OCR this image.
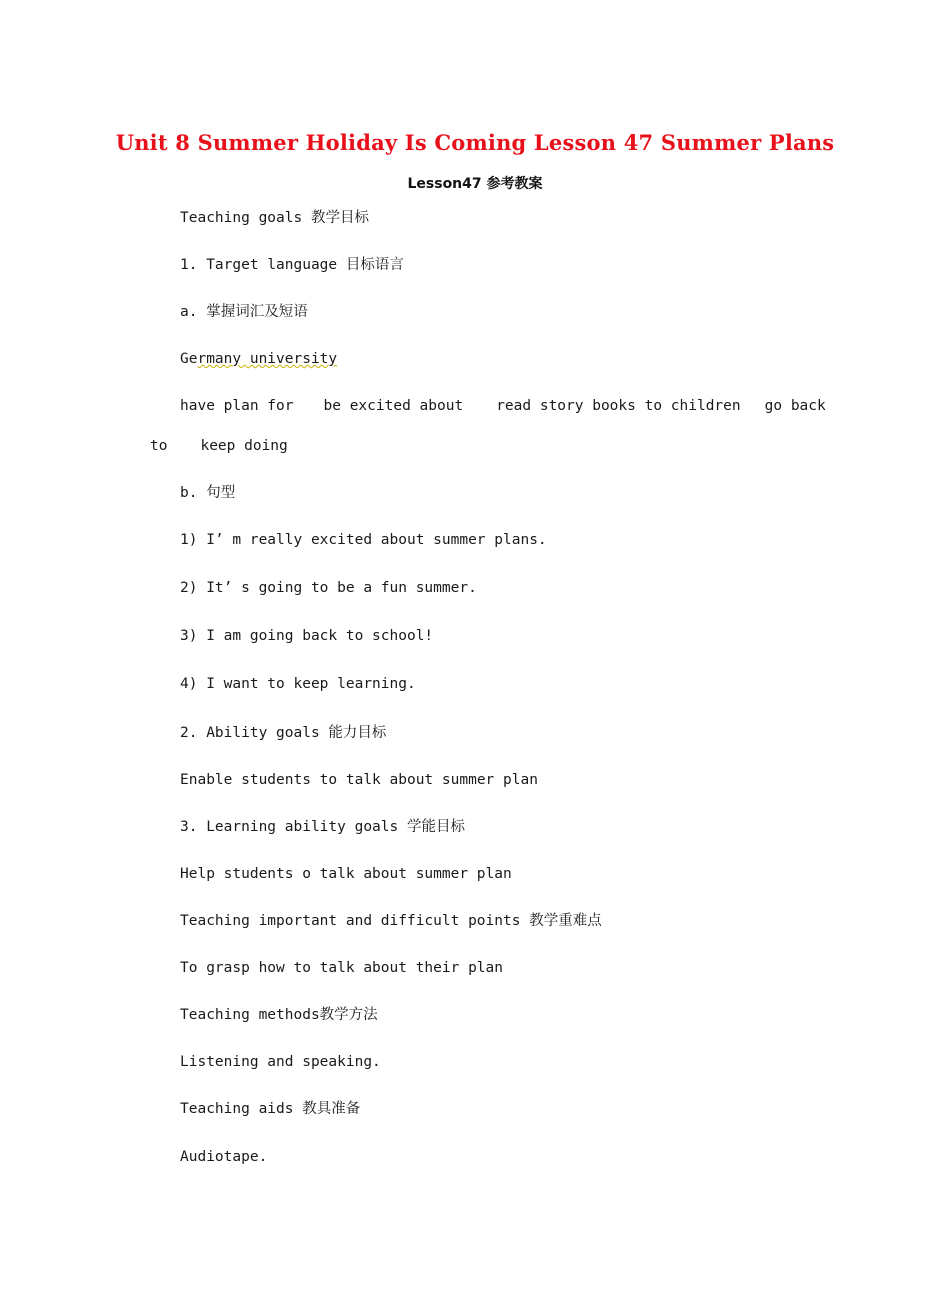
Unit 8 Summer Holiday Is Coming Lesson 47 Summer Plans
Lesson47 参考教案
Teaching goals 教学目标
1. Target language 目标语言
a. 掌握词汇及短语
Germany university
have plan for be excited about read story books to children go back
to keep doing
b. 句型
1) I’ m really excited about summer plans.
2) It’ s going to be a fun summer.
3) I am going back to school!
4) I want to keep learning.
2. Ability goals 能力目标
Enable students to talk about summer plan
3. Learning ability goals 学能目标
Help students o talk about summer plan
Teaching important and difficult points 教学重难点
To grasp how to talk about their plan
Teaching methods教学方法
Listening and speaking.
Teaching aids 教具准备
Audiotape.
